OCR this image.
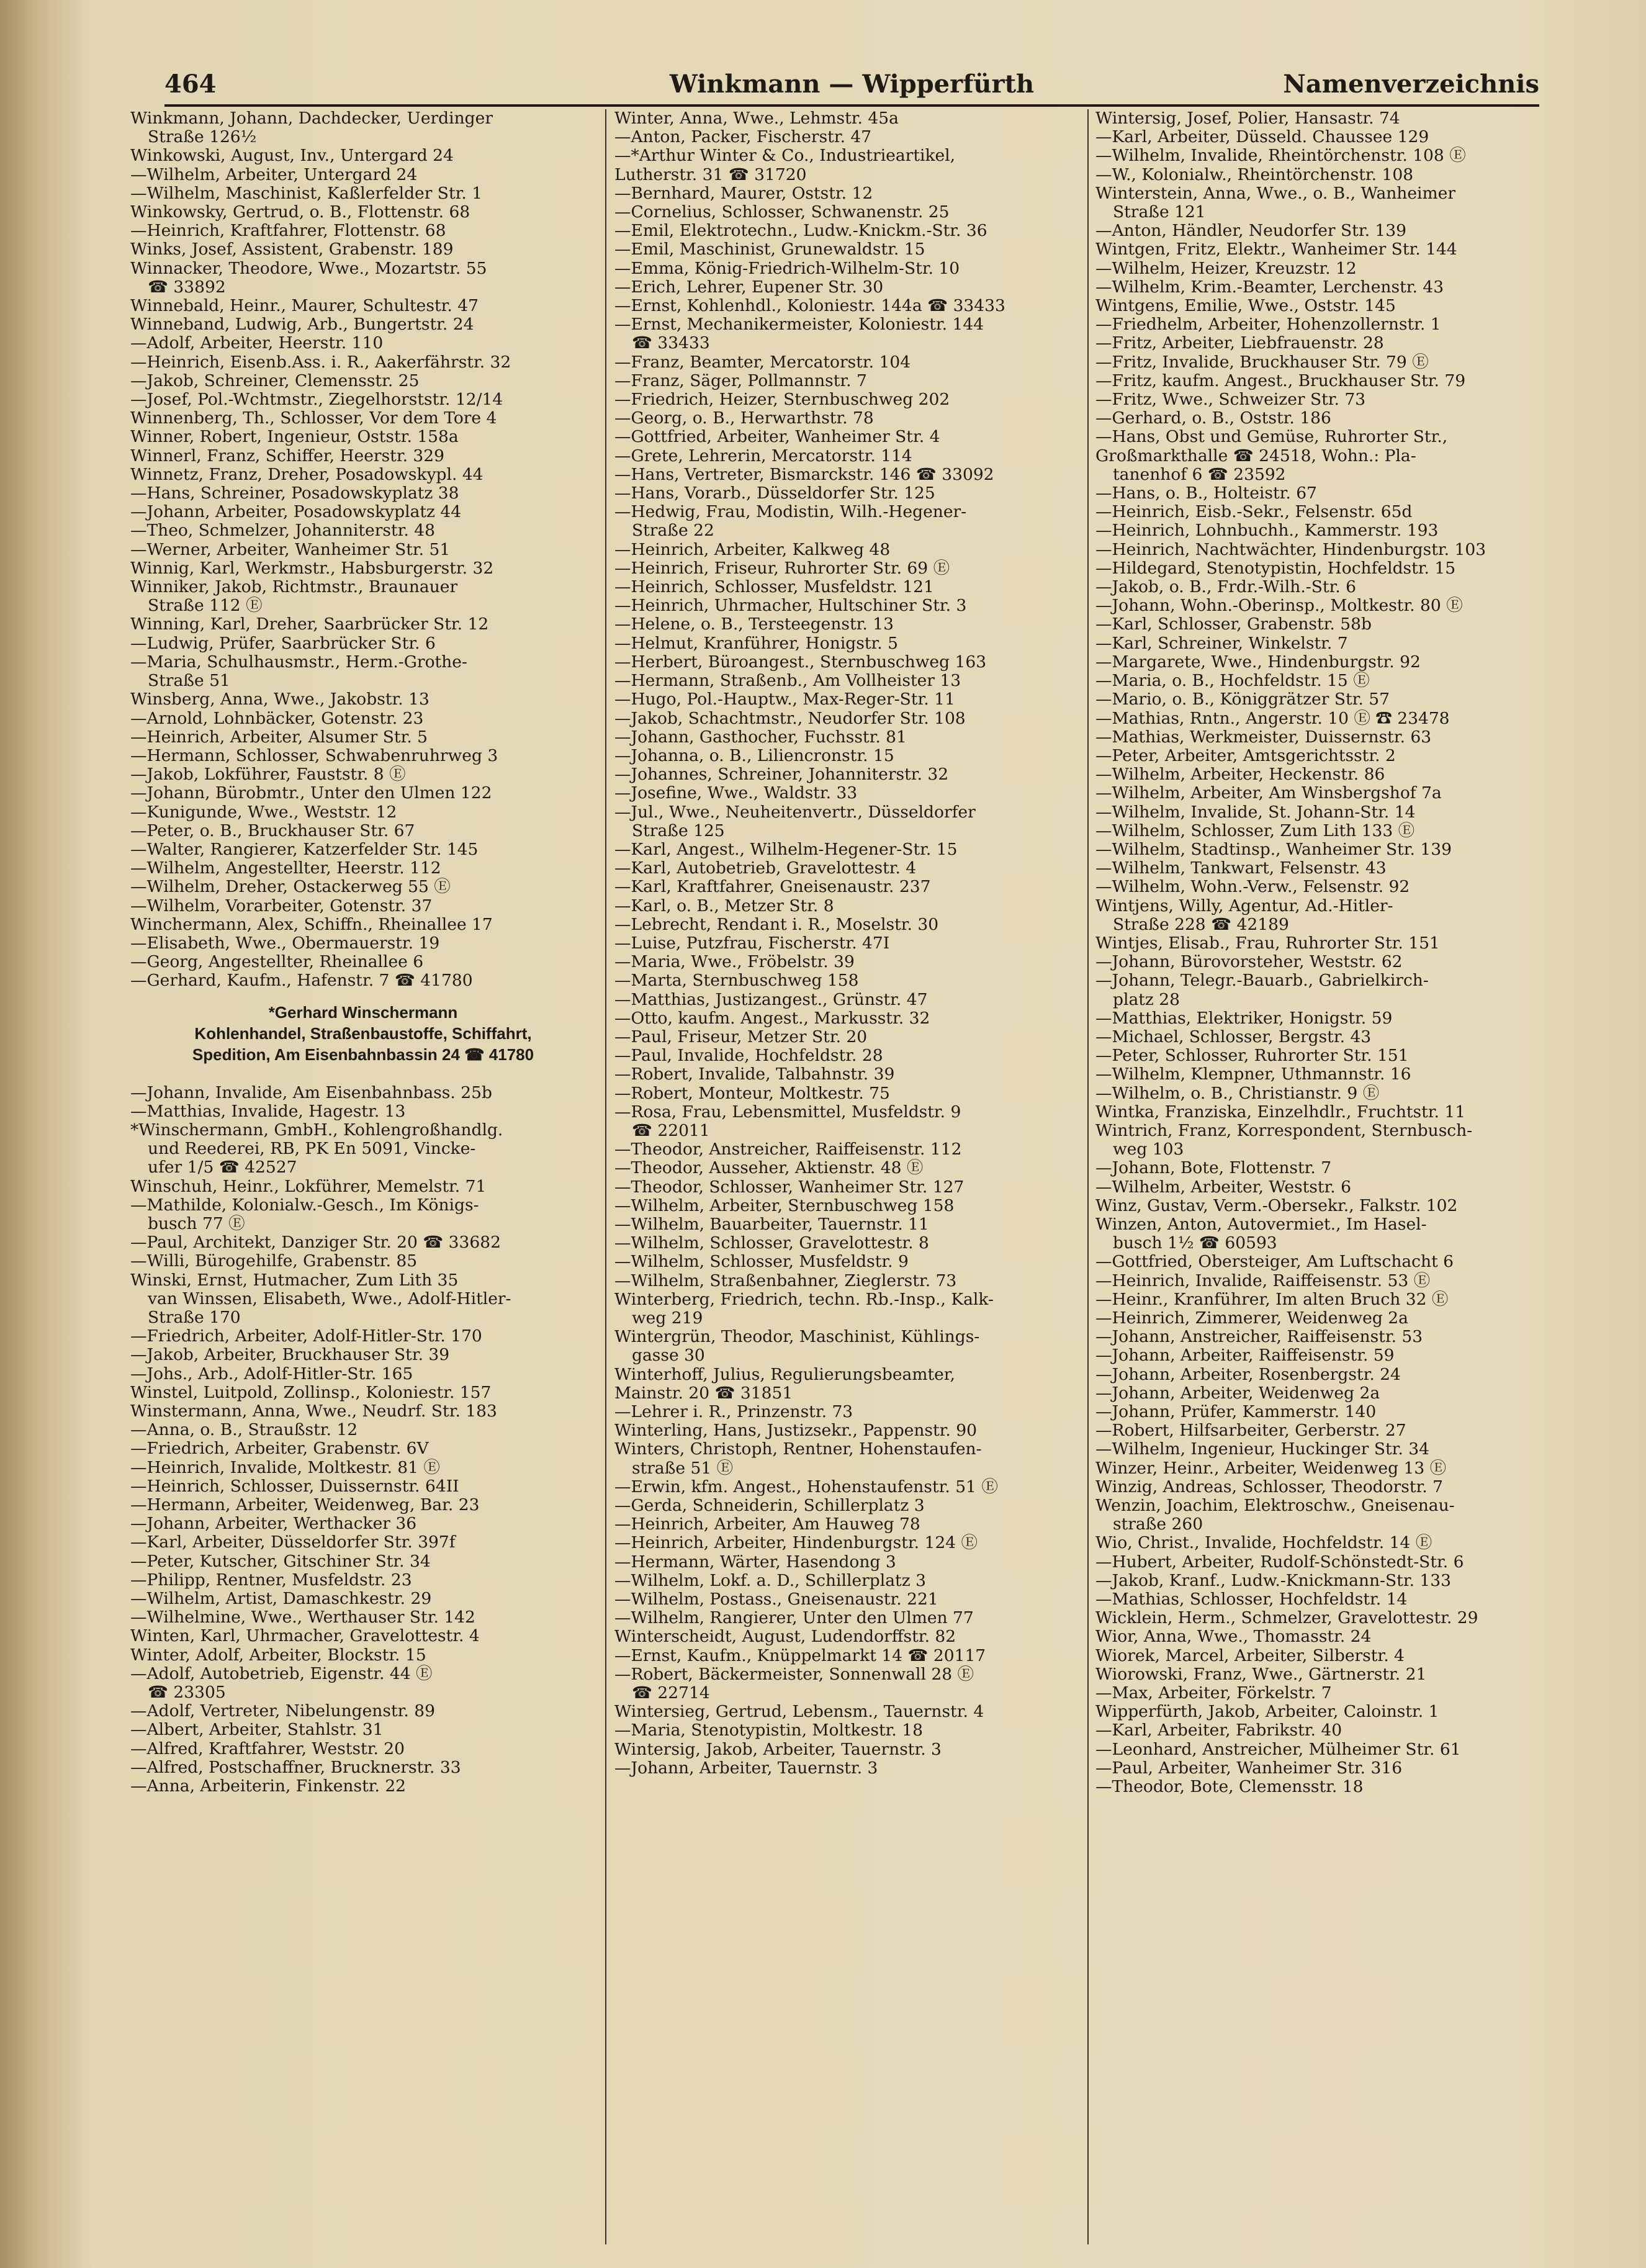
464	Winkmann — Wipperfürth	Namenverzeichnis
Winkmann, Johann, Dachdecker, Uerdinger
Straße 126½
Winkowski, August, Inv., Untergard 24
—Wilhelm, Arbeiter, Untergard 24
—Wilhelm, Maschinist, Kaßlerfelder Str. 1
Winkowsky, Gertrud, o. B., Flottenstr. 68
—Heinrich, Kraftfahrer, Flottenstr. 68
Winks, Josef, Assistent, Grabenstr. 189
Winnacker, Theodore, Wwe., Mozartstr. 55
☎ 33892
Winnebald, Heinr., Maurer, Schultestr. 47
Winneband, Ludwig, Arb., Bungertstr. 24
—Adolf, Arbeiter, Heerstr. 110
—Heinrich, Eisenb.Ass. i. R., Aakerfährstr. 32
—Jakob, Schreiner, Clemensstr. 25
—Josef, Pol.-Wchtmstr., Ziegelhorststr. 12/14
Winnenberg, Th., Schlosser, Vor dem Tore 4
Winner, Robert, Ingenieur, Oststr. 158a
Winnerl, Franz, Schiffer, Heerstr. 329
Winnetz, Franz, Dreher, Posadowskypl. 44
—Hans, Schreiner, Posadowskyplatz 38
—Johann, Arbeiter, Posadowskyplatz 44
—Theo, Schmelzer, Johanniterstr. 48
—Werner, Arbeiter, Wanheimer Str. 51
Winnig, Karl, Werkmstr., Habsburgerstr. 32
Winniker, Jakob, Richtmstr., Braunauer
Straße 112 Ⓔ
Winning, Karl, Dreher, Saarbrücker Str. 12
—Ludwig, Prüfer, Saarbrücker Str. 6
—Maria, Schulhausmstr., Herm.-Grothe-
Straße 51
Winsberg, Anna, Wwe., Jakobstr. 13
—Arnold, Lohnbäcker, Gotenstr. 23
—Heinrich, Arbeiter, Alsumer Str. 5
—Hermann, Schlosser, Schwabenruhrweg 3
—Jakob, Lokführer, Fauststr. 8 Ⓔ
—Johann, Bürobmtr., Unter den Ulmen 122
—Kunigunde, Wwe., Weststr. 12
—Peter, o. B., Bruckhauser Str. 67
—Walter, Rangierer, Katzerfelder Str. 145
—Wilhelm, Angestellter, Heerstr. 112
—Wilhelm, Dreher, Ostackerweg 55 Ⓔ
—Wilhelm, Vorarbeiter, Gotenstr. 37
Winchermann, Alex, Schiffn., Rheinallee 17
—Elisabeth, Wwe., Obermauerstr. 19
—Georg, Angestellter, Rheinallee 6
—Gerhard, Kaufm., Hafenstr. 7 ☎ 41780
*Gerhard Winschermann
Kohlenhandel, Straßenbaustoffe, Schiffahrt,
Spedition, Am Eisenbahnbassin 24 ☎ 41780
—Johann, Invalide, Am Eisenbahnbass. 25b
—Matthias, Invalide, Hagestr. 13
*Winschermann, GmbH., Kohlengroßhandlg.
und Reederei, RB, PK En 5091, Vincke-
ufer 1/5 ☎ 42527
Winschuh, Heinr., Lokführer, Memelstr. 71
—Mathilde, Kolonialw.-Gesch., Im Königs-
busch 77 Ⓔ
—Paul, Architekt, Danziger Str. 20 ☎ 33682
—Willi, Bürogehilfe, Grabenstr. 85
Winski, Ernst, Hutmacher, Zum Lith 35
van Winssen, Elisabeth, Wwe., Adolf-Hitler-
Straße 170
—Friedrich, Arbeiter, Adolf-Hitler-Str. 170
—Jakob, Arbeiter, Bruckhauser Str. 39
—Johs., Arb., Adolf-Hitler-Str. 165
Winstel, Luitpold, Zollinsp., Koloniestr. 157
Winstermann, Anna, Wwe., Neudrf. Str. 183
—Anna, o. B., Straußstr. 12
—Friedrich, Arbeiter, Grabenstr. 6V
—Heinrich, Invalide, Moltkestr. 81 Ⓔ
—Heinrich, Schlosser, Duissernstr. 64II
—Hermann, Arbeiter, Weidenweg, Bar. 23
—Johann, Arbeiter, Werthacker 36
—Karl, Arbeiter, Düsseldorfer Str. 397f
—Peter, Kutscher, Gitschiner Str. 34
—Philipp, Rentner, Musfeldstr. 23
—Wilhelm, Artist, Damaschkestr. 29
—Wilhelmine, Wwe., Werthauser Str. 142
Winten, Karl, Uhrmacher, Gravelottestr. 4
Winter, Adolf, Arbeiter, Blockstr. 15
—Adolf, Autobetrieb, Eigenstr. 44 Ⓔ
☎ 23305
—Adolf, Vertreter, Nibelungenstr. 89
—Albert, Arbeiter, Stahlstr. 31
—Alfred, Kraftfahrer, Weststr. 20
—Alfred, Postschaffner, Brucknerstr. 33
—Anna, Arbeiterin, Finkenstr. 22
Winter, Anna, Wwe., Lehmstr. 45a
—Anton, Packer, Fischerstr. 47
—*Arthur Winter & Co., Industrieartikel,
Lutherstr. 31 ☎ 31720
—Bernhard, Maurer, Oststr. 12
—Cornelius, Schlosser, Schwanenstr. 25
—Emil, Elektrotechn., Ludw.-Knickm.-Str. 36
—Emil, Maschinist, Grunewaldstr. 15
—Emma, König-Friedrich-Wilhelm-Str. 10
—Erich, Lehrer, Eupener Str. 30
—Ernst, Kohlenhdl., Koloniestr. 144a ☎ 33433
—Ernst, Mechanikermeister, Koloniestr. 144
☎ 33433
—Franz, Beamter, Mercatorstr. 104
—Franz, Säger, Pollmannstr. 7
—Friedrich, Heizer, Sternbuschweg 202
—Georg, o. B., Herwarthstr. 78
—Gottfried, Arbeiter, Wanheimer Str. 4
—Grete, Lehrerin, Mercatorstr. 114
—Hans, Vertreter, Bismarckstr. 146 ☎ 33092
—Hans, Vorarb., Düsseldorfer Str. 125
—Hedwig, Frau, Modistin, Wilh.-Hegener-
Straße 22
—Heinrich, Arbeiter, Kalkweg 48
—Heinrich, Friseur, Ruhrorter Str. 69 Ⓔ
—Heinrich, Schlosser, Musfeldstr. 121
—Heinrich, Uhrmacher, Hultschiner Str. 3
—Helene, o. B., Tersteegenstr. 13
—Helmut, Kranführer, Honigstr. 5
—Herbert, Büroangest., Sternbuschweg 163
—Hermann, Straßenb., Am Vollheister 13
—Hugo, Pol.-Hauptw., Max-Reger-Str. 11
—Jakob, Schachtmstr., Neudorfer Str. 108
—Johann, Gasthocher, Fuchsstr. 81
—Johanna, o. B., Liliencronstr. 15
—Johannes, Schreiner, Johanniterstr. 32
—Josefine, Wwe., Waldstr. 33
—Jul., Wwe., Neuheitenvertr., Düsseldorfer
Straße 125
—Karl, Angest., Wilhelm-Hegener-Str. 15
—Karl, Autobetrieb, Gravelottestr. 4
—Karl, Kraftfahrer, Gneisenaustr. 237
—Karl, o. B., Metzer Str. 8
—Lebrecht, Rendant i. R., Moselstr. 30
—Luise, Putzfrau, Fischerstr. 47I
—Maria, Wwe., Fröbelstr. 39
—Marta, Sternbuschweg 158
—Matthias, Justizangest., Grünstr. 47
—Otto, kaufm. Angest., Markusstr. 32
—Paul, Friseur, Metzer Str. 20
—Paul, Invalide, Hochfeldstr. 28
—Robert, Invalide, Talbahnstr. 39
—Robert, Monteur, Moltkestr. 75
—Rosa, Frau, Lebensmittel, Musfeldstr. 9
☎ 22011
—Theodor, Anstreicher, Raiffeisenstr. 112
—Theodor, Ausseher, Aktienstr. 48 Ⓔ
—Theodor, Schlosser, Wanheimer Str. 127
—Wilhelm, Arbeiter, Sternbuschweg 158
—Wilhelm, Bauarbeiter, Tauernstr. 11
—Wilhelm, Schlosser, Gravelottestr. 8
—Wilhelm, Schlosser, Musfeldstr. 9
—Wilhelm, Straßenbahner, Zieglerstr. 73
Winterberg, Friedrich, techn. Rb.-Insp., Kalk-
weg 219
Wintergrün, Theodor, Maschinist, Kühlings-
gasse 30
Winterhoff, Julius, Regulierungsbeamter,
Mainstr. 20 ☎ 31851
—Lehrer i. R., Prinzenstr. 73
Winterling, Hans, Justizsekr., Pappenstr. 90
Winters, Christoph, Rentner, Hohenstaufen-
straße 51 Ⓔ
—Erwin, kfm. Angest., Hohenstaufenstr. 51 Ⓔ
—Gerda, Schneiderin, Schillerplatz 3
—Heinrich, Arbeiter, Am Hauweg 78
—Heinrich, Arbeiter, Hindenburgstr. 124 Ⓔ
—Hermann, Wärter, Hasendong 3
—Wilhelm, Lokf. a. D., Schillerplatz 3
—Wilhelm, Postass., Gneisenaustr. 221
—Wilhelm, Rangierer, Unter den Ulmen 77
Winterscheidt, August, Ludendorffstr. 82
—Ernst, Kaufm., Knüppelmarkt 14 ☎ 20117
—Robert, Bäckermeister, Sonnenwall 28 Ⓔ
☎ 22714
Wintersieg, Gertrud, Lebensm., Tauernstr. 4
—Maria, Stenotypistin, Moltkestr. 18
Wintersig, Jakob, Arbeiter, Tauernstr. 3
—Johann, Arbeiter, Tauernstr. 3
Wintersig, Josef, Polier, Hansastr. 74
—Karl, Arbeiter, Düsseld. Chaussee 129
—Wilhelm, Invalide, Rheintörchenstr. 108 Ⓔ
—W., Kolonialw., Rheintörchenstr. 108
Winterstein, Anna, Wwe., o. B., Wanheimer
Straße 121
—Anton, Händler, Neudorfer Str. 139
Wintgen, Fritz, Elektr., Wanheimer Str. 144
—Wilhelm, Heizer, Kreuzstr. 12
—Wilhelm, Krim.-Beamter, Lerchenstr. 43
Wintgens, Emilie, Wwe., Oststr. 145
—Friedhelm, Arbeiter, Hohenzollernstr. 1
—Fritz, Arbeiter, Liebfrauenstr. 28
—Fritz, Invalide, Bruckhauser Str. 79 Ⓔ
—Fritz, kaufm. Angest., Bruckhauser Str. 79
—Fritz, Wwe., Schweizer Str. 73
—Gerhard, o. B., Oststr. 186
—Hans, Obst und Gemüse, Ruhrorter Str.,
Großmarkthalle ☎ 24518, Wohn.: Pla-
tanenhof 6 ☎ 23592
—Hans, o. B., Holteistr. 67
—Heinrich, Eisb.-Sekr., Felsenstr. 65d
—Heinrich, Lohnbuchh., Kammerstr. 193
—Heinrich, Nachtwächter, Hindenburgstr. 103
—Hildegard, Stenotypistin, Hochfeldstr. 15
—Jakob, o. B., Frdr.-Wilh.-Str. 6
—Johann, Wohn.-Oberinsp., Moltkestr. 80 Ⓔ
—Karl, Schlosser, Grabenstr. 58b
—Karl, Schreiner, Winkelstr. 7
—Margarete, Wwe., Hindenburgstr. 92
—Maria, o. B., Hochfeldstr. 15 Ⓔ
—Mario, o. B., Königgrätzer Str. 57
—Mathias, Rntn., Angerstr. 10 Ⓔ ☎ 23478
—Mathias, Werkmeister, Duissernstr. 63
—Peter, Arbeiter, Amtsgerichtsstr. 2
—Wilhelm, Arbeiter, Heckenstr. 86
—Wilhelm, Arbeiter, Am Winsbergshof 7a
—Wilhelm, Invalide, St. Johann-Str. 14
—Wilhelm, Schlosser, Zum Lith 133 Ⓔ
—Wilhelm, Stadtinsp., Wanheimer Str. 139
—Wilhelm, Tankwart, Felsenstr. 43
—Wilhelm, Wohn.-Verw., Felsenstr. 92
Wintjens, Willy, Agentur, Ad.-Hitler-
Straße 228 ☎ 42189
Wintjes, Elisab., Frau, Ruhrorter Str. 151
—Johann, Bürovorsteher, Weststr. 62
—Johann, Telegr.-Bauarb., Gabrielkirch-
platz 28
—Matthias, Elektriker, Honigstr. 59
—Michael, Schlosser, Bergstr. 43
—Peter, Schlosser, Ruhrorter Str. 151
—Wilhelm, Klempner, Uthmannstr. 16
—Wilhelm, o. B., Christianstr. 9 Ⓔ
Wintka, Franziska, Einzelhdlr., Fruchtstr. 11
Wintrich, Franz, Korrespondent, Sternbusch-
weg 103
—Johann, Bote, Flottenstr. 7
—Wilhelm, Arbeiter, Weststr. 6
Winz, Gustav, Verm.-Obersekr., Falkstr. 102
Winzen, Anton, Autovermiet., Im Hasel-
busch 1½ ☎ 60593
—Gottfried, Obersteiger, Am Luftschacht 6
—Heinrich, Invalide, Raiffeisenstr. 53 Ⓔ
—Heinr., Kranführer, Im alten Bruch 32 Ⓔ
—Heinrich, Zimmerer, Weidenweg 2a
—Johann, Anstreicher, Raiffeisenstr. 53
—Johann, Arbeiter, Raiffeisenstr. 59
—Johann, Arbeiter, Rosenbergstr. 24
—Johann, Arbeiter, Weidenweg 2a
—Johann, Prüfer, Kammerstr. 140
—Robert, Hilfsarbeiter, Gerberstr. 27
—Wilhelm, Ingenieur, Huckinger Str. 34
Winzer, Heinr., Arbeiter, Weidenweg 13 Ⓔ
Winzig, Andreas, Schlosser, Theodorstr. 7
Wenzin, Joachim, Elektroschw., Gneisenau-
straße 260
Wio, Christ., Invalide, Hochfeldstr. 14 Ⓔ
—Hubert, Arbeiter, Rudolf-Schönstedt-Str. 6
—Jakob, Kranf., Ludw.-Knickmann-Str. 133
—Mathias, Schlosser, Hochfeldstr. 14
Wicklein, Herm., Schmelzer, Gravelottestr. 29
Wior, Anna, Wwe., Thomasstr. 24
Wiorek, Marcel, Arbeiter, Silberstr. 4
Wiorowski, Franz, Wwe., Gärtnerstr. 21
—Max, Arbeiter, Förkelstr. 7
Wipperfürth, Jakob, Arbeiter, Caloinstr. 1
—Karl, Arbeiter, Fabrikstr. 40
—Leonhard, Anstreicher, Mülheimer Str. 61
—Paul, Arbeiter, Wanheimer Str. 316
—Theodor, Bote, Clemensstr. 18
